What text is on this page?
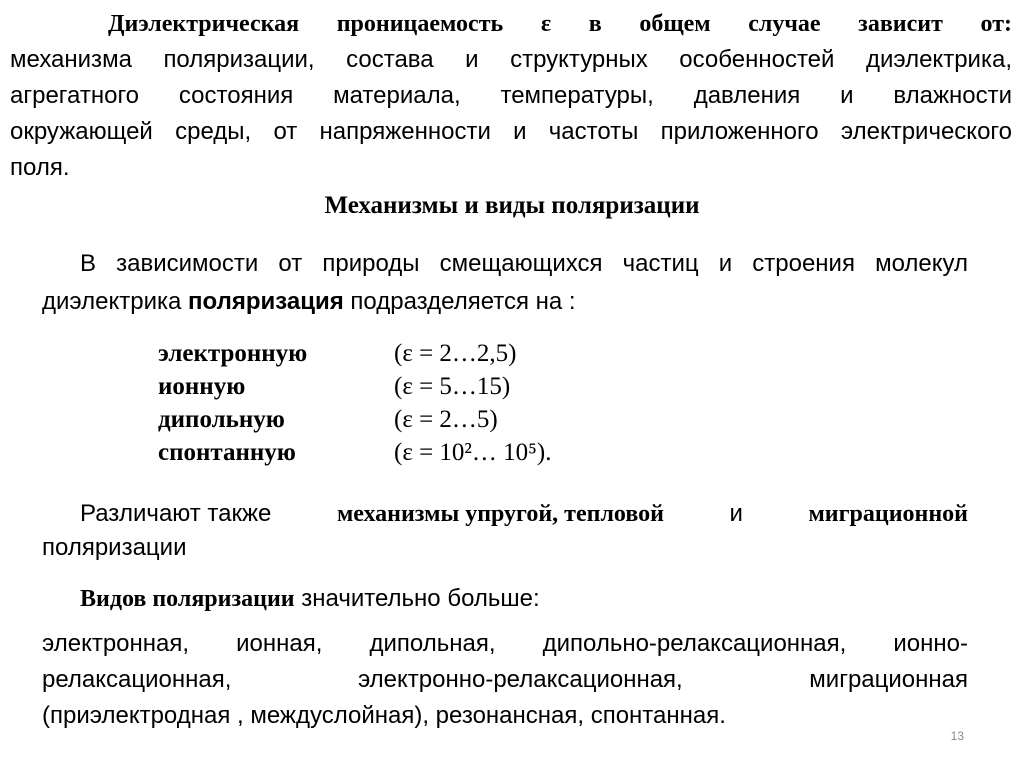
Диэлектрическая проницаемость ε в общем случае зависит от:
механизма поляризации, состава и структурных особенностей диэлектрика,
агрегатного состояния материала, температуры, давления и влажности
окружающей среды, от напряженности и частоты приложенного электрического
поля.
Механизмы и виды поляризации
В зависимости от природы смещающихся частиц и строения молекул
диэлектрика поляризация подразделяется на :
электронную	(ε = 2…2,5)
ионную	(ε = 5…15)
дипольную	(ε = 2…5)
спонтанную	(ε = 10²… 10⁵).
Различают также	механизмы упругой, тепловой	и	миграционной
поляризации
Видов поляризации значительно больше:
электронная, ионная, дипольная, дипольно-релаксационная, ионно-
релаксационная, электронно-релаксационная, миграционная
(приэлектродная , междуслойная), резонансная, спонтанная.
13
